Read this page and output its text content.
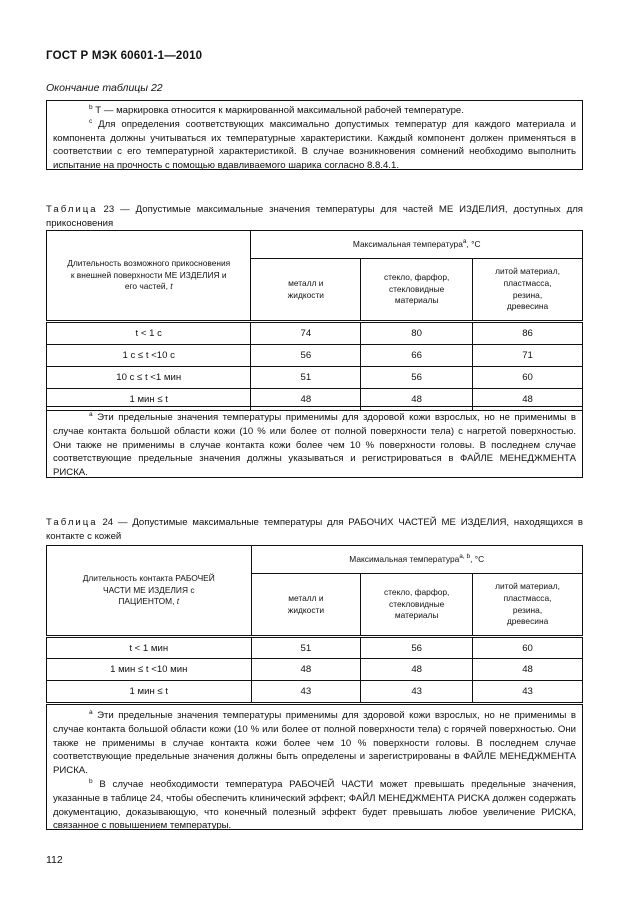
ГОСТ Р МЭК 60601-1—2010
Окончание таблицы 22

$^b$ Т — маркировка относится к маркированной максимальной рабочей температуре.

$^c$ Для определения соответствующих максимально допустимых температур для каждого материала и компонента должны учитываться их температурные характеристики. Каждый компонент должен применяться в соответствии с его температурной характеристикой. В случае возникновения сомнений необходимо выполнить испытание на прочность с помощью вдавливаемого шарика согласно 8.8.4.1.

Таблица 23 — Допустимые максимальные значения температуры для частей МЕ ИЗДЕЛИЯ, доступных для прикосновения
Длительность возможного прикосновения к внешней поверхности МЕ ИЗДЕЛИЯ и его частей, t	Максимальная температура$^a$, °С		
	металл и жидкости	стекло, фарфор, стекловидные материалы	литой материал, пластмасса, резина, древесина
t < 1 с	74	80	86
1 с ≤ t <10 с	56	66	71
10 с ≤ t <1 мин	51	56	60
1 мин ≤ t	48	48	48

$^a$ Эти предельные значения температуры применимы для здоровой кожи взрослых, но не применимы в случае контакта большой области кожи (10 % или более от полной поверхности тела) с нагретой поверхностью. Они также не применимы в случае контакта кожи более чем 10 % поверхности головы. В последнем случае соответствующие предельные значения должны указываться и регистрироваться в ФАЙЛЕ МЕНЕДЖМЕНТА РИСКА.

Таблица 24 — Допустимые максимальные температуры для РАБОЧИХ ЧАСТЕЙ МЕ ИЗДЕЛИЯ, находящихся в контакте с кожей
Длительность контакта РАБОЧЕЙ ЧАСТИ МЕ ИЗДЕЛИЯ с ПАЦИЕНТОМ, t	Максимальная температура$^{a, b}$, °С		
	металл и жидкости	стекло, фарфор, стекловидные материалы	литой материал, пластмасса, резина, древесина
t < 1 мин	51	56	60
1 мин ≤ t <10 мин	48	48	48
1 мин ≤ t	43	43	43

$^a$ Эти предельные значения температуры применимы для здоровой кожи взрослых, но не применимы в случае контакта большой области кожи (10 % или более от полной поверхности тела) с горячей поверхностью. Они также не применимы в случае контакта кожи более чем 10 % поверхности головы. В последнем случае соответствующие предельные значения должны быть определены и зарегистрированы в ФАЙЛЕ МЕНЕДЖМЕНТА РИСКА.

$^b$ В случае необходимости температура РАБОЧЕЙ ЧАСТИ может превышать предельные значения, указанные в таблице 24, чтобы обеспечить клинический эффект; ФАЙЛ МЕНЕДЖМЕНТА РИСКА должен содержать документацию, доказывающую, что конечный полезный эффект будет превышать любое увеличение РИСКА, связанное с повышением температуры.

112
